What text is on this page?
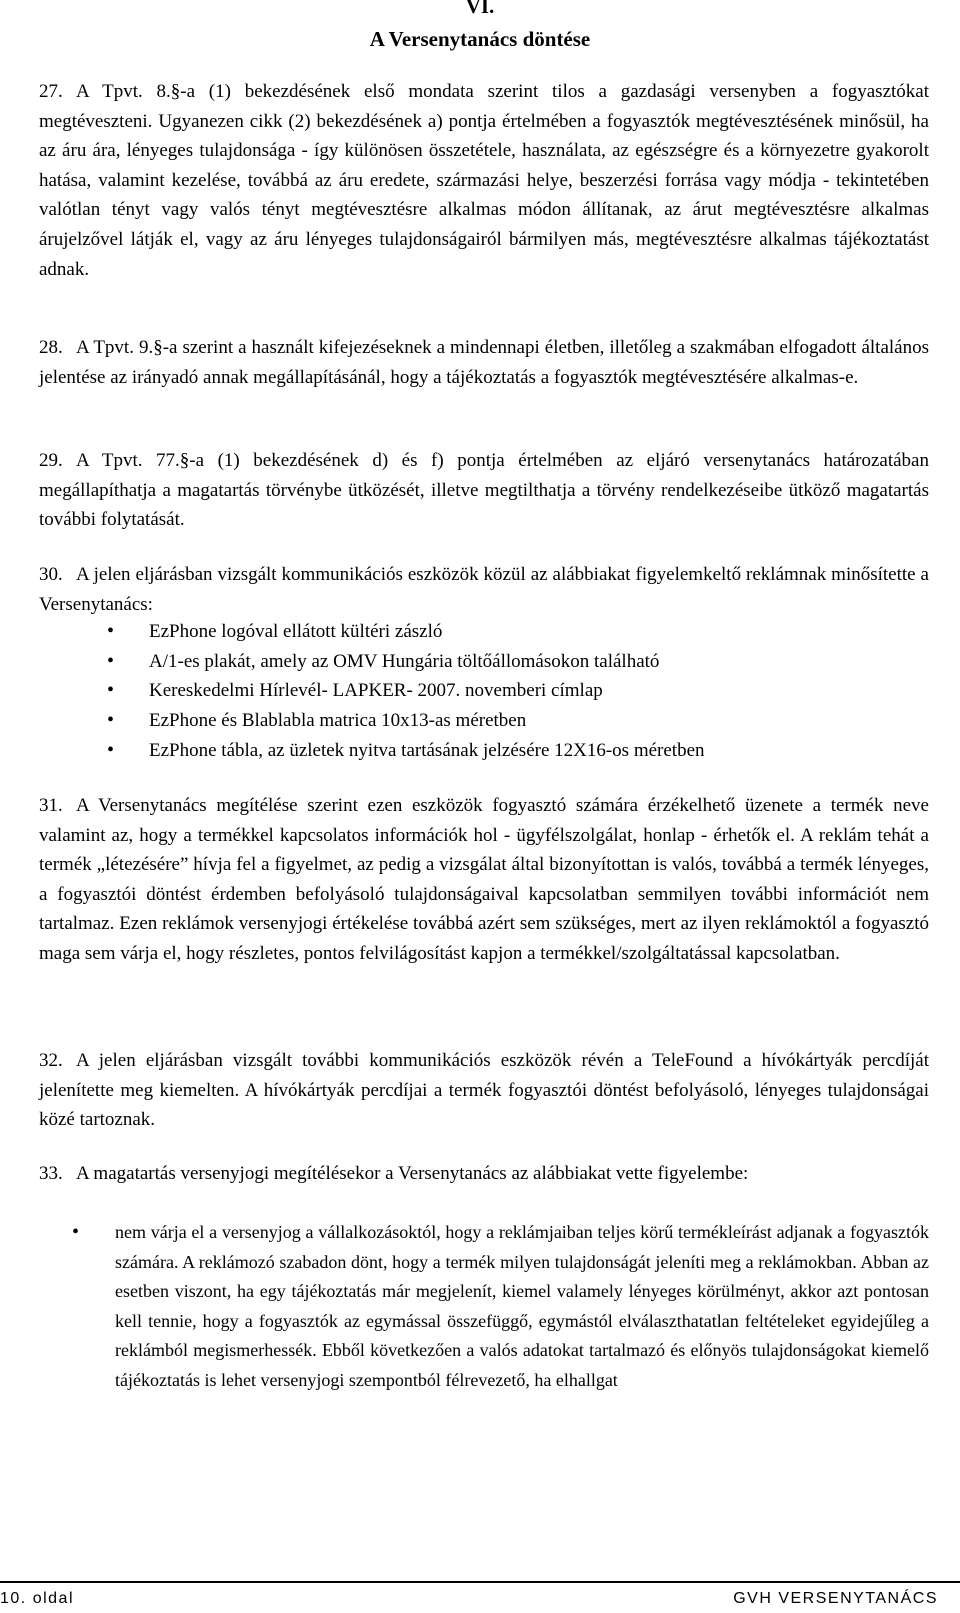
VI.

A Versenytanács döntése

27. A Tpvt. 8.§-a (1) bekezdésének első mondata szerint tilos a gazdasági versenyben a fogyasztókat megtéveszteni. Ugyanezen cikk (2) bekezdésének a) pontja értelmében a fogyasztók megtévesztésének minősül, ha az áru ára, lényeges tulajdonsága - így különösen összetétele, használata, az egészségre és a környezetre gyakorolt hatása, valamint kezelése, továbbá az áru eredete, származási helye, beszerzési forrása vagy módja - tekintetében valótlan tényt vagy valós tényt megtévesztésre alkalmas módon állítanak, az árut megtévesztésre alkalmas árujelzővel látják el, vagy az áru lényeges tulajdonságairól bármilyen más, megtévesztésre alkalmas tájékoztatást adnak.

28. A Tpvt. 9.§-a szerint a használt kifejezéseknek a mindennapi életben, illetőleg a szakmában elfogadott általános jelentése az irányadó annak megállapításánál, hogy a tájékoztatás a fogyasztók megtévesztésére alkalmas-e.

29. A Tpvt. 77.§-a (1) bekezdésének d) és f) pontja értelmében az eljáró versenytanács határozatában megállapíthatja a magatartás törvénybe ütközését, illetve megtilthatja a törvény rendelkezéseibe ütköző magatartás további folytatását.

30. A jelen eljárásban vizsgált kommunikációs eszközök közül az alábbiakat figyelemkeltő reklámnak minősítette a Versenytanács:

• EzPhone logóval ellátott kültéri zászló
• A/1-es plakát, amely az OMV Hungária töltőállomásokon található
• Kereskedelmi Hírlevél- LAPKER- 2007. novemberi címlap
• EzPhone és Blablabla matrica 10x13-as méretben
• EzPhone tábla, az üzletek nyitva tartásának jelzésére 12X16-os méretben

31. A Versenytanács megítélése szerint ezen eszközök fogyasztó számára érzékelhető üzenete a termék neve valamint az, hogy a termékkel kapcsolatos információk hol - ügyfélszolgálat, honlap - érhetők el. A reklám tehát a termék „létezésére” hívja fel a figyelmet, az pedig a vizsgálat által bizonyítottan is valós, továbbá a termék lényeges, a fogyasztói döntést érdemben befolyásoló tulajdonságaival kapcsolatban semmilyen további információt nem tartalmaz. Ezen reklámok versenyjogi értékelése továbbá azért sem szükséges, mert az ilyen reklámoktól a fogyasztó maga sem várja el, hogy részletes, pontos felvilágosítást kapjon a termékkel/szolgáltatással kapcsolatban.

32. A jelen eljárásban vizsgált további kommunikációs eszközök révén a TeleFound a hívókártyák percdíját jelenítette meg kiemelten. A hívókártyák percdíjai a termék fogyasztói döntést befolyásoló, lényeges tulajdonságai közé tartoznak.

33. A magatartás versenyjogi megítélésekor a Versenytanács az alábbiakat vette figyelembe:

• nem várja el a versenyjog a vállalkozásoktól, hogy a reklámjaiban teljes körű termékleírást adjanak a fogyasztók számára. A reklámozó szabadon dönt, hogy a termék milyen tulajdonságát jeleníti meg a reklámokban. Abban az esetben viszont, ha egy tájékoztatás már megjelenít, kiemel valamely lényeges körülményt, akkor azt pontosan kell tennie, hogy a fogyasztók az egymással összefüggő, egymástól elválaszthatatlan feltételeket egyidejűleg a reklámból megismerhessék. Ebből következően a valós adatokat tartalmazó és előnyös tulajdonságokat kiemelő tájékoztatás is lehet versenyjogi szempontból félrevezető, ha elhallgat

10. oldal	GVH VERSENYTANÁCS
